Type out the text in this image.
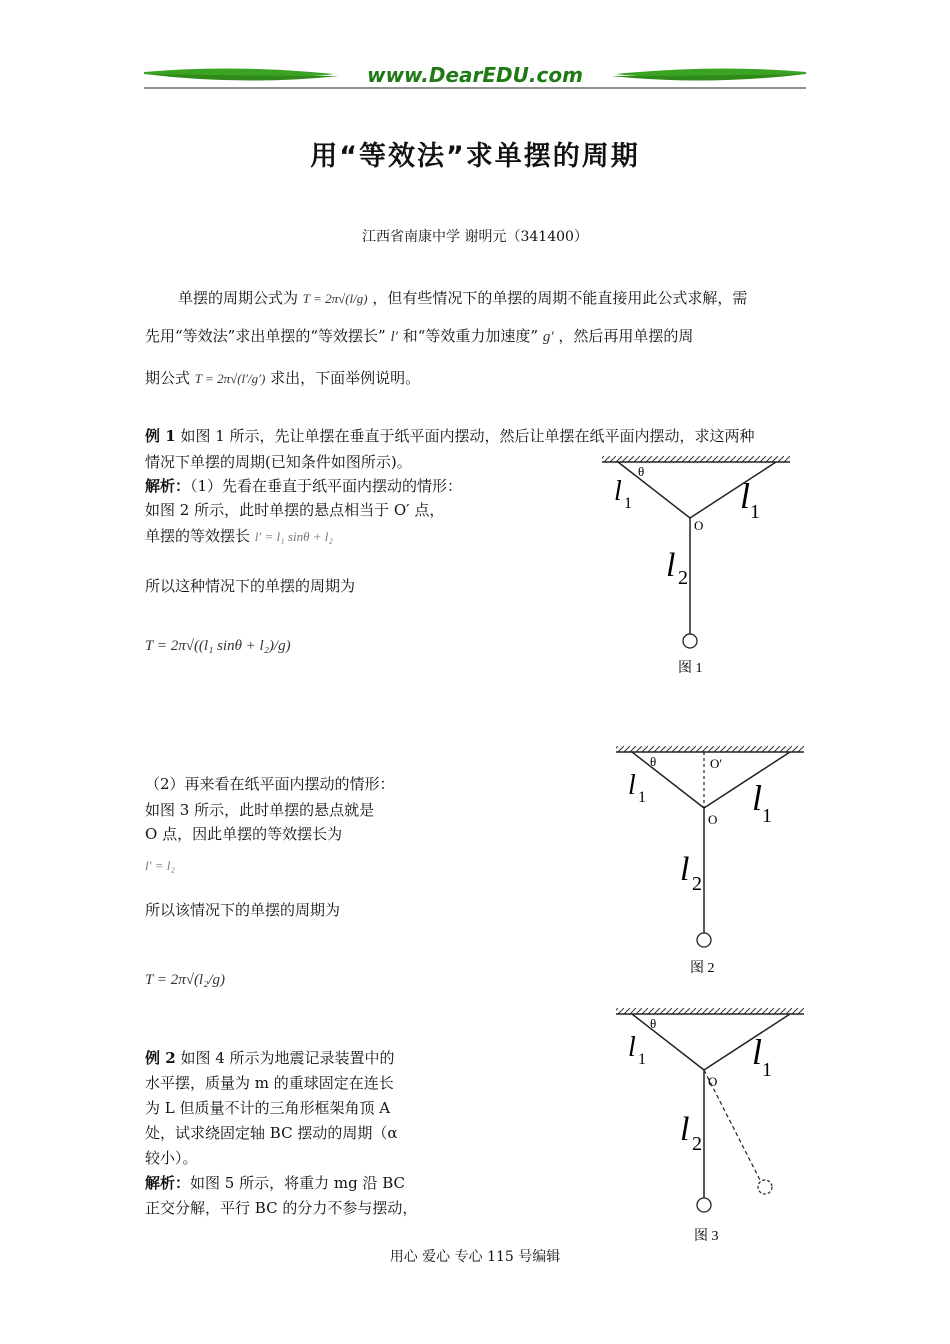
www.DearEDU.com
用“等效法”求单摆的周期
江西省南康中学 谢明元（341400）
单摆的周期公式为 T = 2π√(l/g) ，但有些情况下的单摆的周期不能直接用此公式求解，需
先用“等效法”求出单摆的“等效摆长” l′ 和“等效重力加速度” g′ ，然后再用单摆的周
期公式 T = 2π√(l′/g′) 求出，下面举例说明。
例 1 如图 1 所示，先让单摆在垂直于纸平面内摆动，然后让单摆在纸平面内摆动，求这两种
情况下单摆的周期(已知条件如图所示)。
解析：（1）先看在垂直于纸平面内摆动的情形：
如图 2 所示，此时单摆的悬点相当于 O′ 点，
单摆的等效摆长 l′ = l₁ sinθ + l₂
所以这种情况下的单摆的周期为
T = 2π√((l₁ sinθ + l₂)/g)
（2）再来看在纸平面内摆动的情形：
如图 3 所示，此时单摆的悬点就是
O 点，因此单摆的等效摆长为
l′ = l₂
所以该情况下的单摆的周期为
T = 2π√(l₂/g)
例 2 如图 4 所示为地震记录装置中的
水平摆，质量为 m 的重球固定在连长
为 L 但质量不计的三角形框架角顶 A
处，试求绕固定轴 BC 摆动的周期（α
较小）。
解析：如图 5 所示，将重力 mg 沿 BC
正交分解，平行 BC 的分力不参与摆动，
θ
l 1	l 1
O
l 2
图 1
θ	O′
l 1	l 1
O
l 2
图 2
θ
l 1	l 1
O
l 2
图 3
用心 爱心 专心 115 号编辑
